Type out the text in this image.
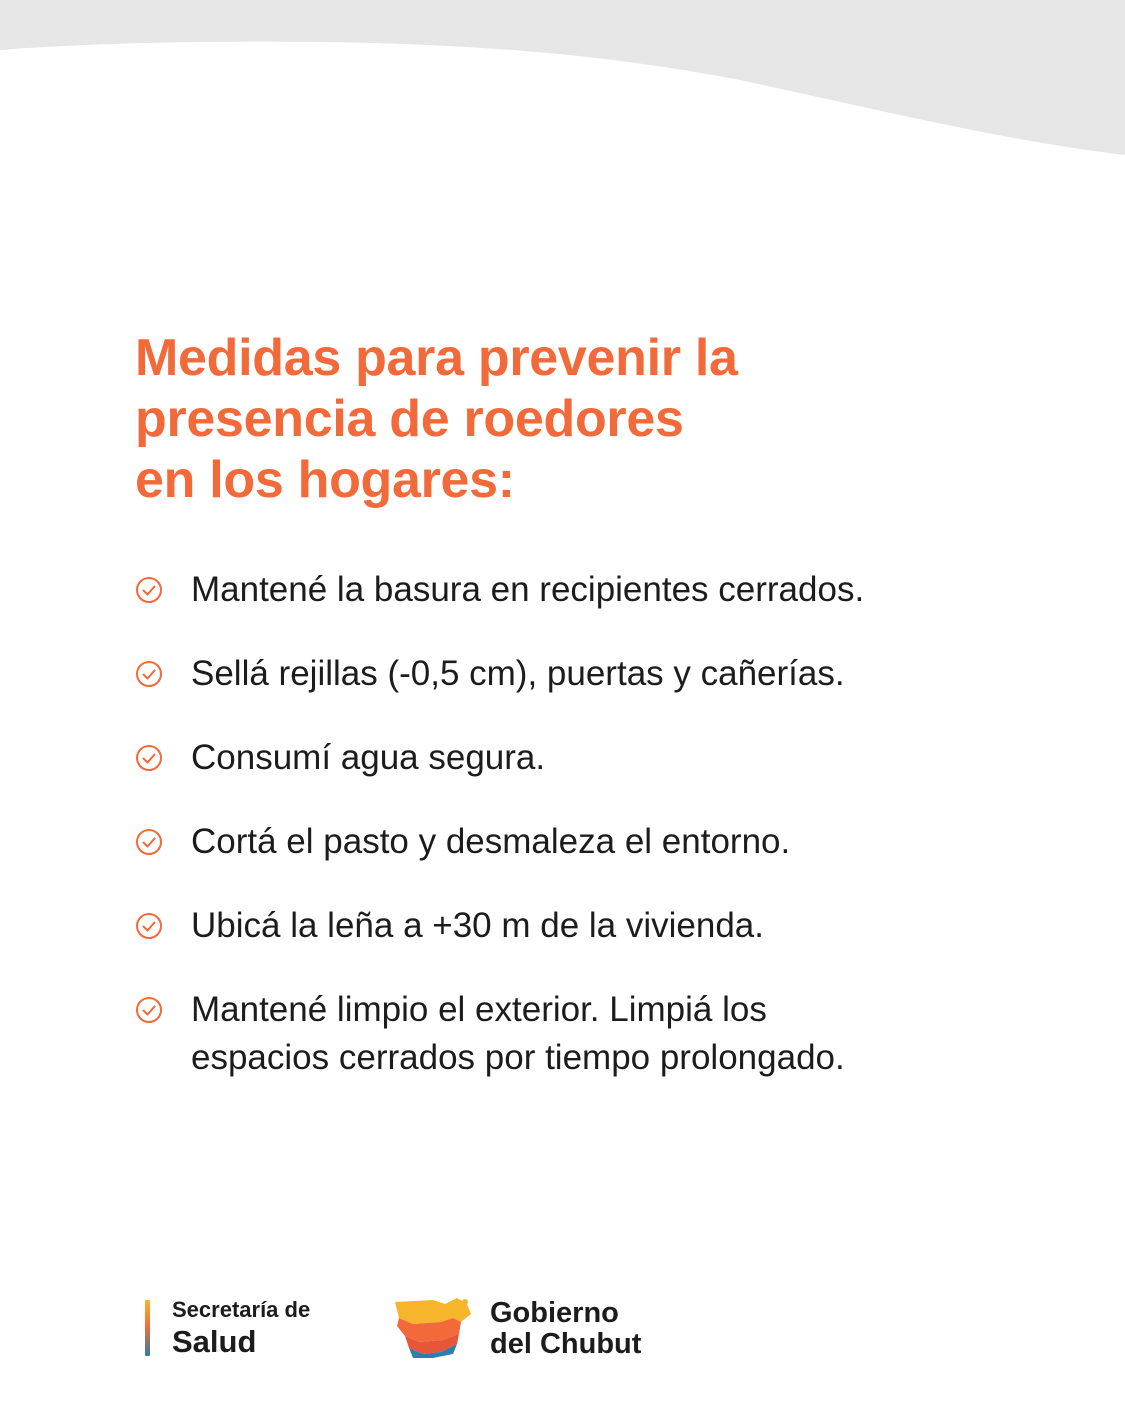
Medidas para prevenir la
presencia de roedores
en los hogares:
Mantené la basura en recipientes cerrados.
Sellá rejillas (-0,5 cm), puertas y cañerías.
Consumí agua segura.
Cortá el pasto y desmaleza el entorno.
Ubicá la leña a +30 m de la vivienda.
Mantené limpio el exterior. Limpiá los
espacios cerrados por tiempo prolongado.
Secretaría de
Salud
Gobierno
del Chubut
